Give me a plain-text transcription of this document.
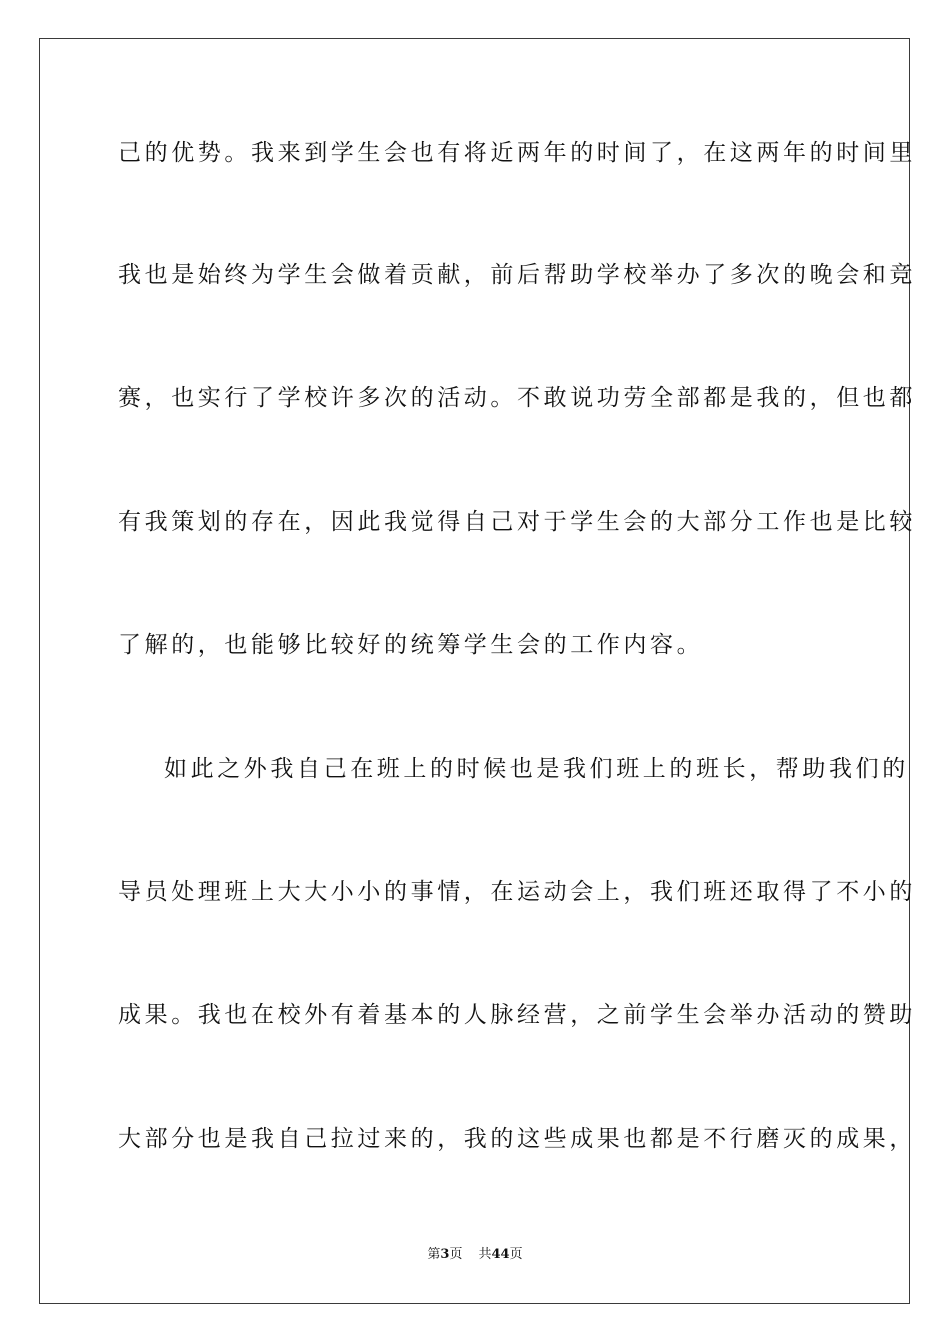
己的优势。我来到学生会也有将近两年的时间了，在这两年的时间里
我也是始终为学生会做着贡献，前后帮助学校举办了多次的晚会和竞
赛，也实行了学校许多次的活动。不敢说功劳全部都是我的，但也都
有我策划的存在，因此我觉得自己对于学生会的大部分工作也是比较
了解的，也能够比较好的统筹学生会的工作内容。
如此之外我自己在班上的时候也是我们班上的班长，帮助我们的
导员处理班上大大小小的事情，在运动会上，我们班还取得了不小的
成果。我也在校外有着基本的人脉经营，之前学生会举办活动的赞助
大部分也是我自己拉过来的，我的这些成果也都是不行磨灭的成果，
第3页 共44页
